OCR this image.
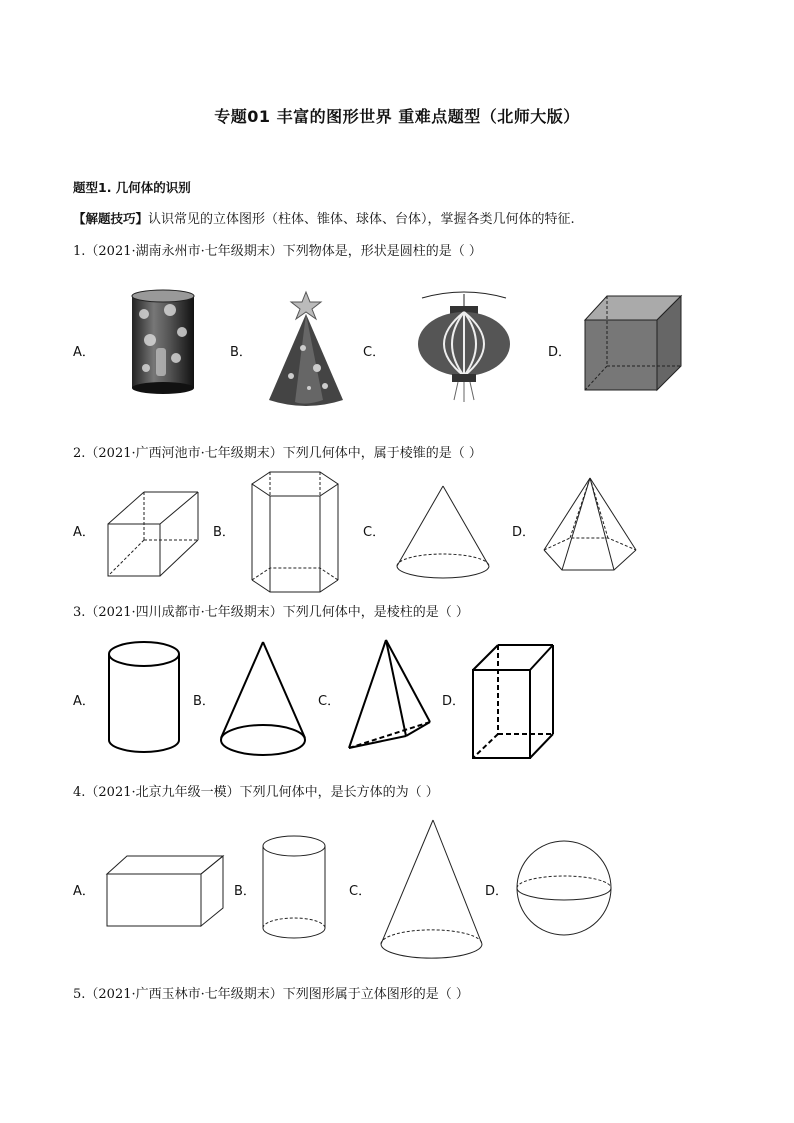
专题01 丰富的图形世界 重难点题型（北师大版）
题型1. 几何体的识别
【解题技巧】认识常见的立体图形（柱体、锥体、球体、台体），掌握各类几何体的特征.
1.（2021·湖南永州市·七年级期末）下列物体是，形状是圆柱的是（ ）
A．	B．	C．	D．
2.（2021·广西河池市·七年级期末）下列几何体中，属于棱锥的是（ ）
A．	B．	C．	D．
3.（2021·四川成都市·七年级期末）下列几何体中，是棱柱的是（ ）
A．	B．	C．	D．
4.（2021·北京九年级一模）下列几何体中，是长方体的为（ ）
A．	B．	C．	D．
5.（2021·广西玉林市·七年级期末）下列图形属于立体图形的是（ ）
